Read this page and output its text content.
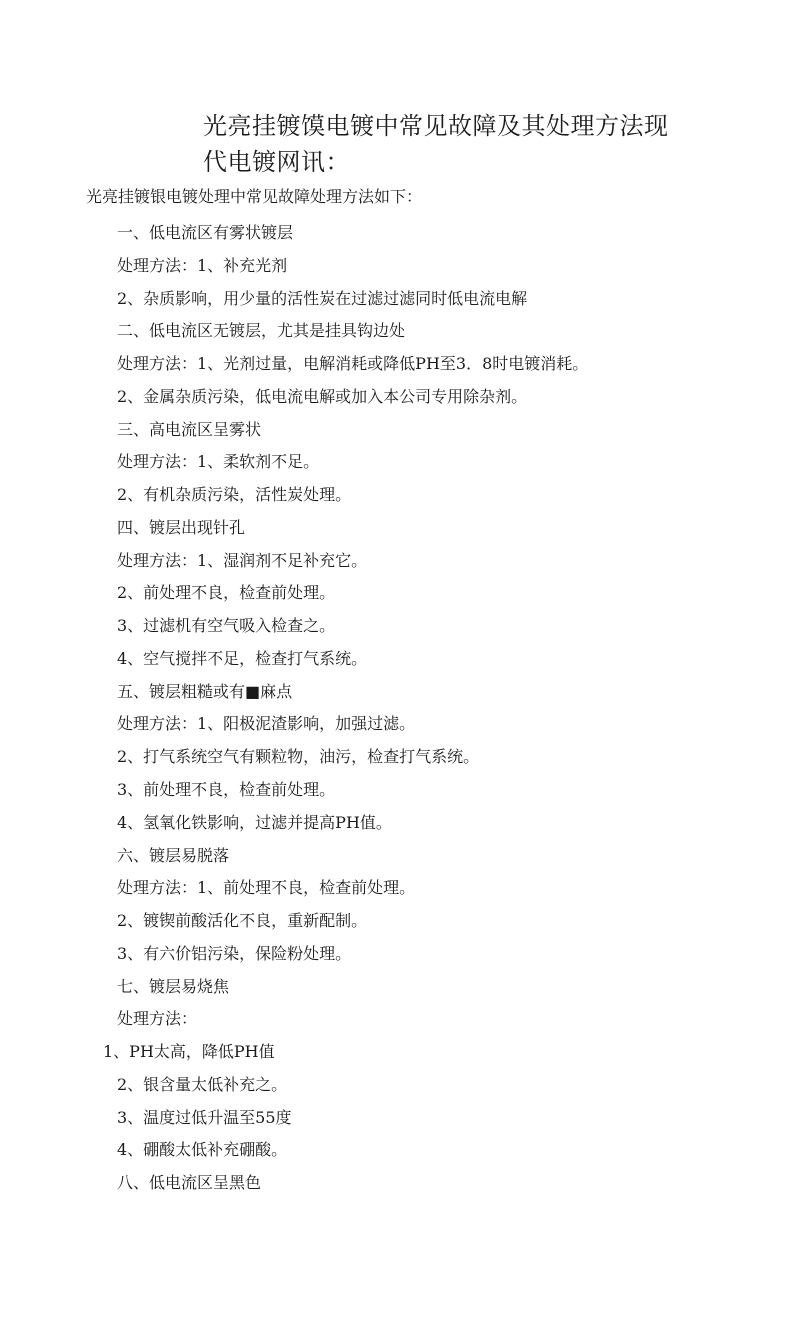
光亮挂镀馍电镀中常见故障及其处理方法现代电镀网讯：

光亮挂镀银电镀处理中常见故障处理方法如下：

一、低电流区有雾状镀层
处理方法：1、补充光剂
2、杂质影响，用少量的活性炭在过滤过滤同时低电流电解
二、低电流区无镀层，尤其是挂具钩边处
处理方法：1、光剂过量，电解消耗或降低PH至3．8时电镀消耗。
2、金属杂质污染，低电流电解或加入本公司专用除杂剂。
三、高电流区呈雾状
处理方法：1、柔软剂不足。
2、有机杂质污染，活性炭处理。
四、镀层出现针孔
处理方法：1、湿润剂不足补充它。
2、前处理不良，检查前处理。
3、过滤机有空气吸入检查之。
4、空气搅拌不足，检查打气系统。
五、镀层粗糙或有■麻点
处理方法：1、阳极泥渣影响，加强过滤。
2、打气系统空气有颗粒物，油污，检查打气系统。
3、前处理不良，检查前处理。
4、氢氧化铁影响，过滤并提高PH值。
六、镀层易脱落
处理方法：1、前处理不良，检查前处理。
2、镀锲前酸活化不良，重新配制。
3、有六价铝污染，保险粉处理。
七、镀层易烧焦
处理方法：
1、PH太高，降低PH值
2、银含量太低补充之。
3、温度过低升温至55度
4、硼酸太低补充硼酸。
八、低电流区呈黑色
